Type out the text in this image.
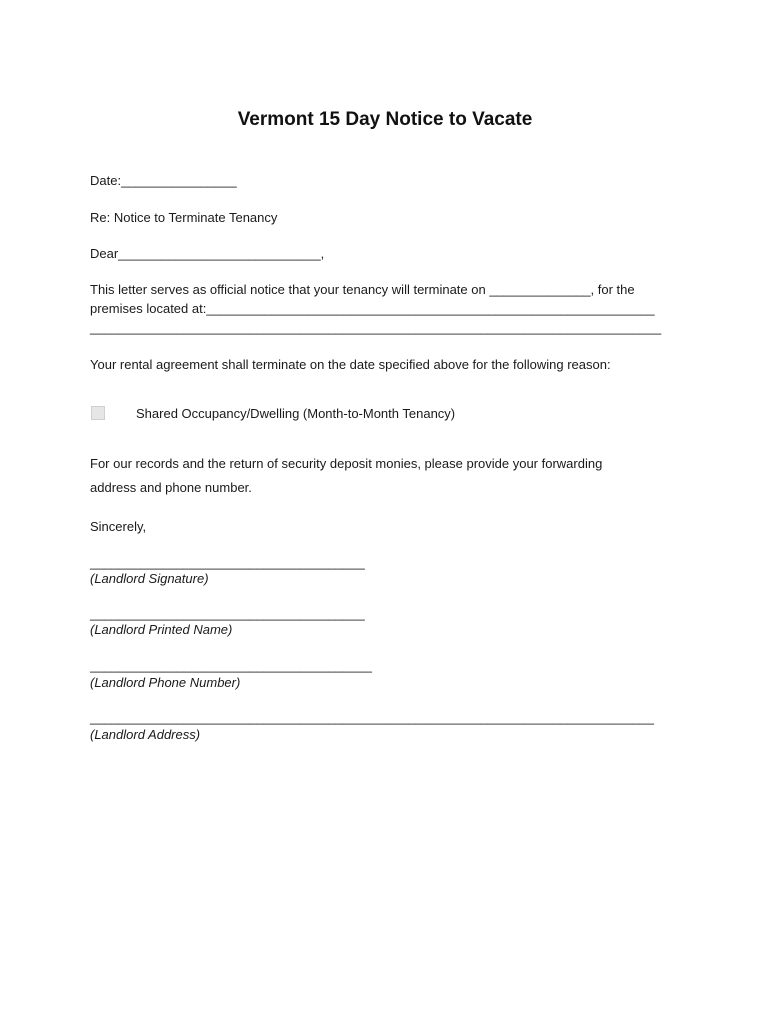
Vermont 15 Day Notice to Vacate
Date:________________
Re: Notice to Terminate Tenancy
Dear____________________________,
This letter serves as official notice that your tenancy will terminate on ______________, for the
premises located at:______________________________________________________________
_______________________________________________________________________________
Your rental agreement shall terminate on the date specified above for the following reason:
Shared Occupancy/Dwelling (Month-to-Month Tenancy)
For our records and the return of security deposit monies, please provide your forwarding
address and phone number.
Sincerely,
______________________________________
(Landlord Signature)
______________________________________
(Landlord Printed Name)
_______________________________________
(Landlord Phone Number)
______________________________________________________________________________
(Landlord Address)
